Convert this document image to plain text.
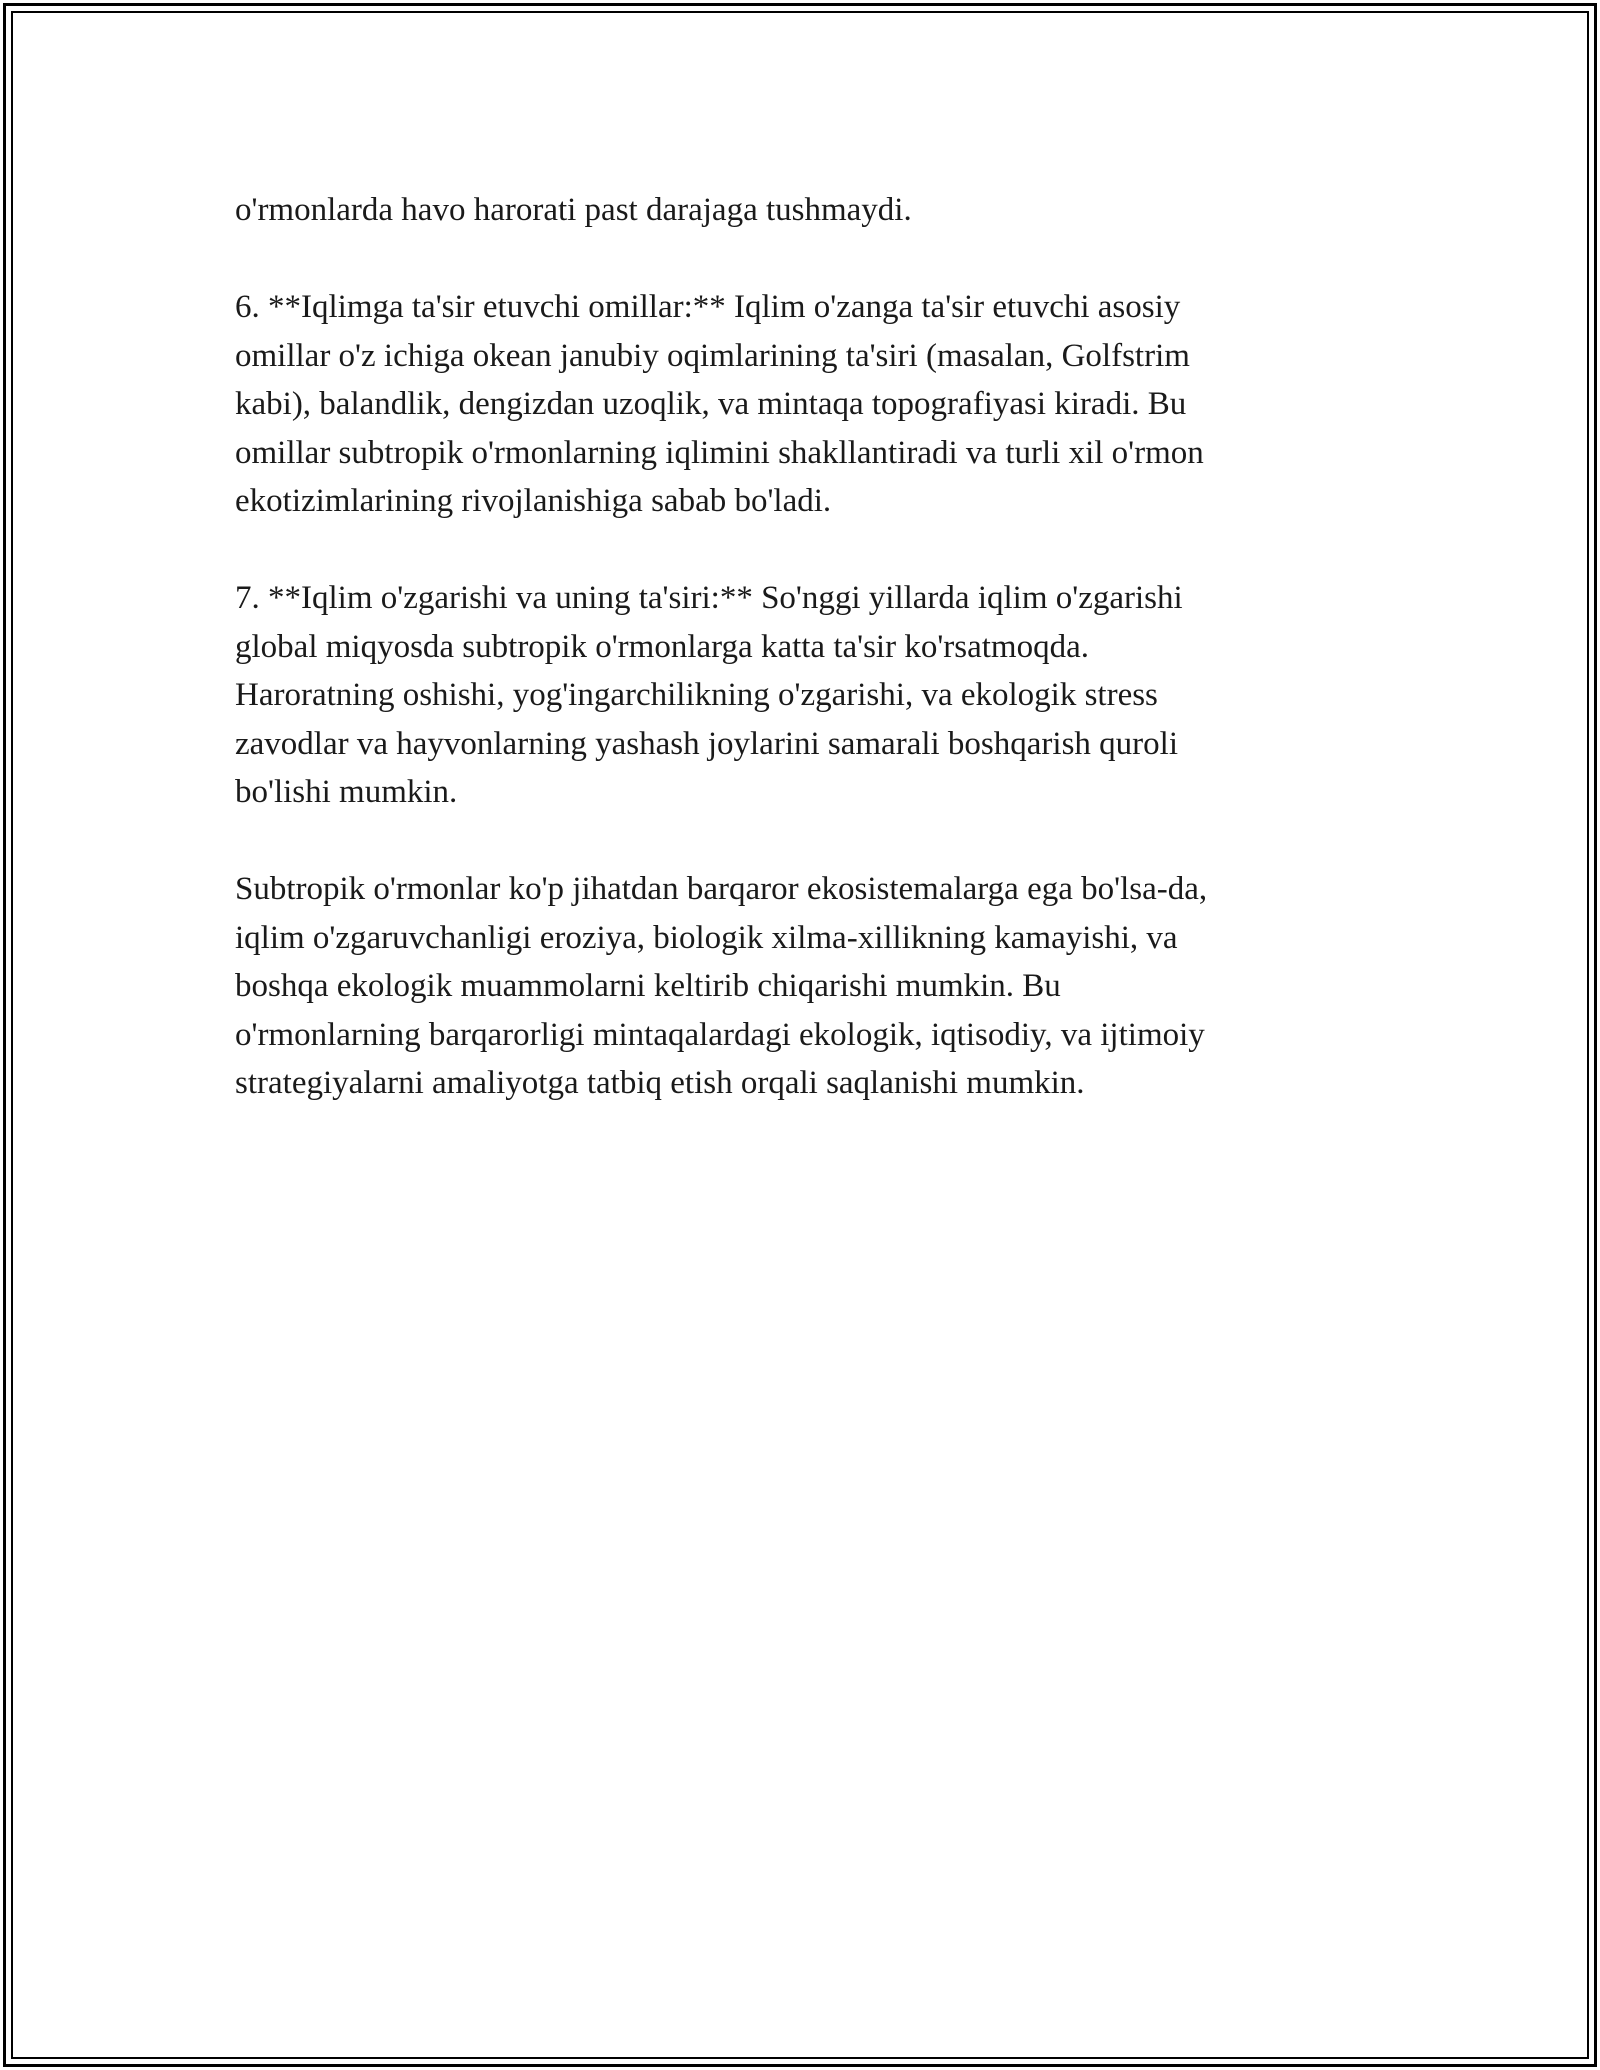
o'rmonlarda havo harorati past darajaga tushmaydi.

6. **Iqlimga ta'sir etuvchi omillar:** Iqlim o'zanga ta'sir etuvchi asosiy
omillar o'z ichiga okean janubiy oqimlarining ta'siri (masalan, Golfstrim
kabi), balandlik, dengizdan uzoqlik, va mintaqa topografiyasi kiradi. Bu
omillar subtropik o'rmonlarning iqlimini shakllantiradi va turli xil o'rmon
ekotizimlarining rivojlanishiga sabab bo'ladi.

7. **Iqlim o'zgarishi va uning ta'siri:** So'nggi yillarda iqlim o'zgarishi
global miqyosda subtropik o'rmonlarga katta ta'sir ko'rsatmoqda.
Haroratning oshishi, yog'ingarchilikning o'zgarishi, va ekologik stress
zavodlar va hayvonlarning yashash joylarini samarali boshqarish quroli
bo'lishi mumkin.

Subtropik o'rmonlar ko'p jihatdan barqaror ekosistemalarga ega bo'lsa-da,
iqlim o'zgaruvchanligi eroziya, biologik xilma-xillikning kamayishi, va
boshqa ekologik muammolarni keltirib chiqarishi mumkin. Bu
o'rmonlarning barqarorligi mintaqalardagi ekologik, iqtisodiy, va ijtimoiy
strategiyalarni amaliyotga tatbiq etish orqali saqlanishi mumkin.
